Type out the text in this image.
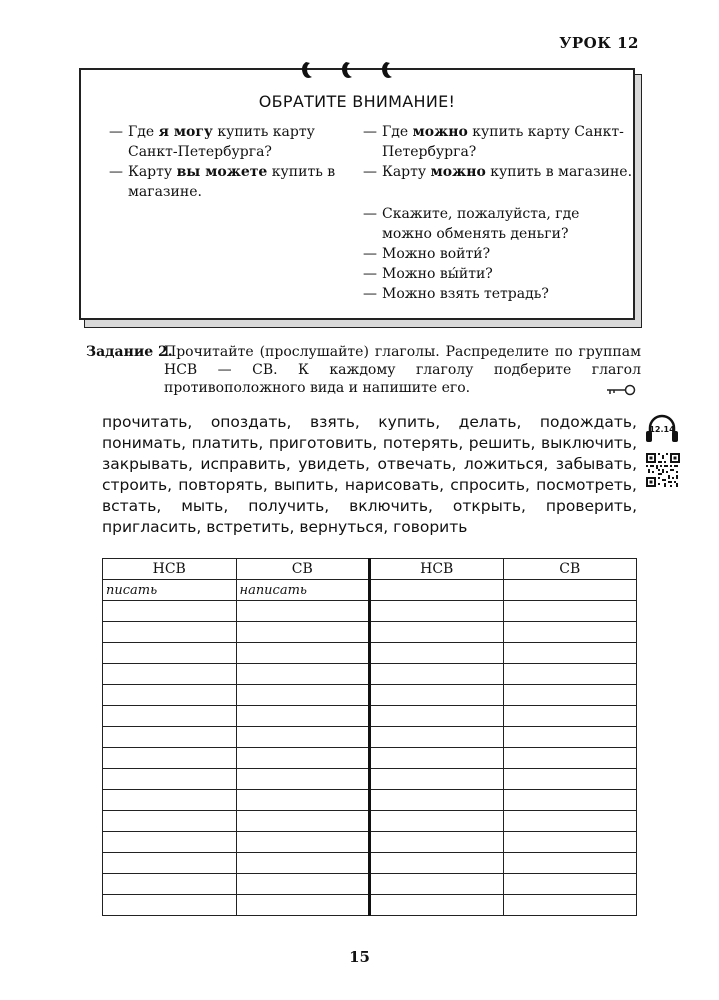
УРОК 12
ОБРАТИТЕ ВНИМАНИЕ!
— Где я могу купить карту Санкт-Петербурга?
— Карту вы можете купить в магазине.
— Где можно купить карту Санкт-Петербурга?
— Карту можно купить в магазине.
— Скажите, пожалуйста, где можно обменять деньги?
— Можно войти́?
— Можно вы́йти?
— Можно взять тетрадь?
Задание 2.
Прочитайте (прослушайте) глаголы. Распределите по группам НСВ — СВ. К каждому глаголу подберите глагол противоположного вида и напишите его.
прочитать, опоздать, взять, купить, делать, подождать, понимать, платить, приготовить, потерять, решить, выключить, закрывать, исправить, увидеть, отвечать, ложиться, забывать, строить, повторять, выпить, нарисовать, спросить, посмотреть, встать, мыть, получить, включить, открыть, проверить, пригласить, встретить, вернуться, говорить
12.14
НСВ	СВ	НСВ	СВ
писать	написать		

15
